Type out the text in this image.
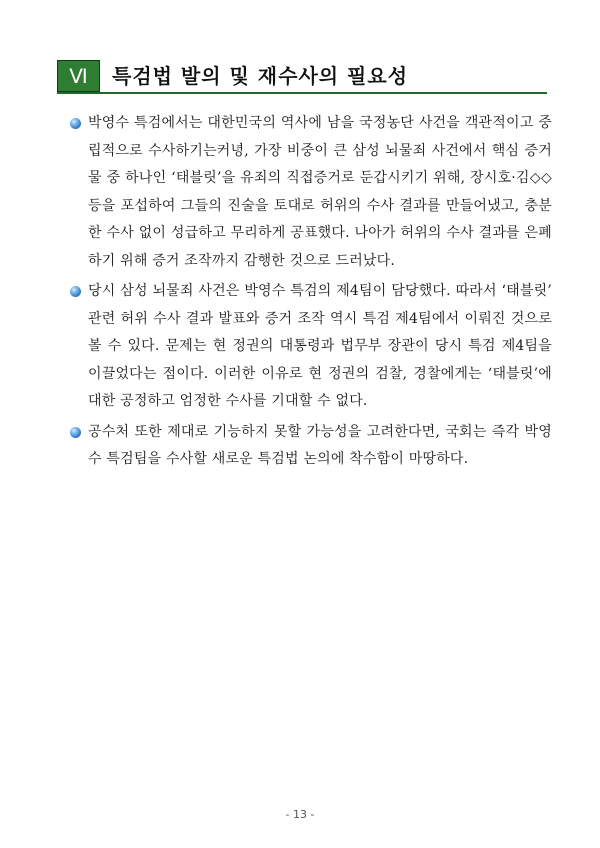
Ⅵ	특검법 발의 및 재수사의 필요성
박영수 특검에서는 대한민국의 역사에 남을 국정농단 사건을 객관적이고 중립적으로 수사하기는커녕, 가장 비중이 큰 삼성 뇌물죄 사건에서 핵심 증거물 중 하나인 ‘태블릿’을 유죄의 직접증거로 둔갑시키기 위해, 장시호·김◇◇ 등을 포섭하여 그들의 진술을 토대로 허위의 수사 결과를 만들어냈고, 충분한 수사 없이 성급하고 무리하게 공표했다. 나아가 허위의 수사 결과를 은폐하기 위해 증거 조작까지 감행한 것으로 드러났다.
당시 삼성 뇌물죄 사건은 박영수 특검의 제4팀이 담당했다. 따라서 ‘태블릿’ 관련 허위 수사 결과 발표와 증거 조작 역시 특검 제4팀에서 이뤄진 것으로 볼 수 있다. 문제는 현 정권의 대통령과 법무부 장관이 당시 특검 제4팀을 이끌었다는 점이다. 이러한 이유로 현 정권의 검찰, 경찰에게는 ‘태블릿’에 대한 공정하고 엄정한 수사를 기대할 수 없다.
공수처 또한 제대로 기능하지 못할 가능성을 고려한다면, 국회는 즉각 박영수 특검팀을 수사할 새로운 특검법 논의에 착수함이 마땅하다.
- 13 -
